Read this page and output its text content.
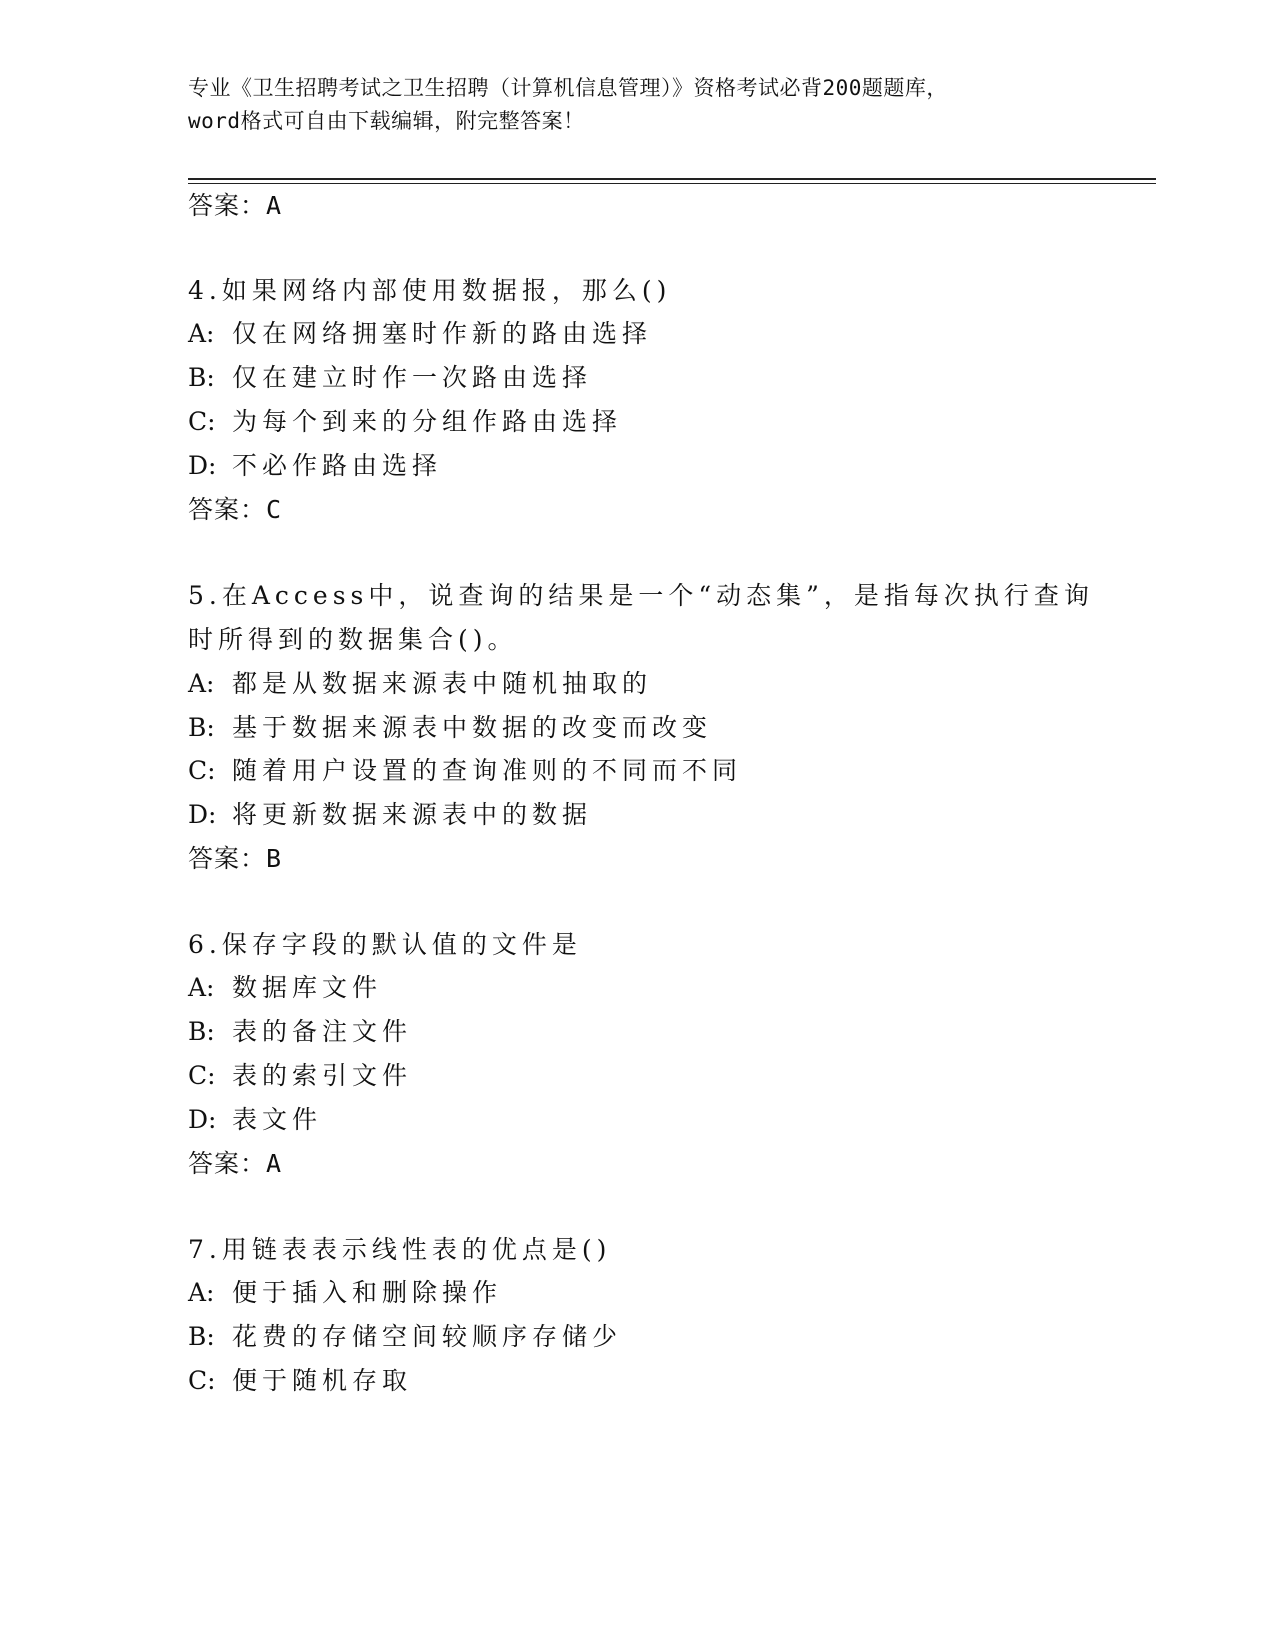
专业《卫生招聘考试之卫生招聘（计算机信息管理）》资格考试必背200题题库，
word格式可自由下载编辑，附完整答案！
答案：A
4.如果网络内部使用数据报，那么()
A: 仅在网络拥塞时作新的路由选择
B: 仅在建立时作一次路由选择
C: 为每个到来的分组作路由选择
D: 不必作路由选择
答案：C
5.在Access中，说查询的结果是一个“动态集”，是指每次执行查询
时所得到的数据集合()。
A: 都是从数据来源表中随机抽取的
B: 基于数据来源表中数据的改变而改变
C: 随着用户设置的查询准则的不同而不同
D: 将更新数据来源表中的数据
答案：B
6.保存字段的默认值的文件是
A: 数据库文件
B: 表的备注文件
C: 表的索引文件
D: 表文件
答案：A
7.用链表表示线性表的优点是()
A: 便于插入和删除操作
B: 花费的存储空间较顺序存储少
C: 便于随机存取
